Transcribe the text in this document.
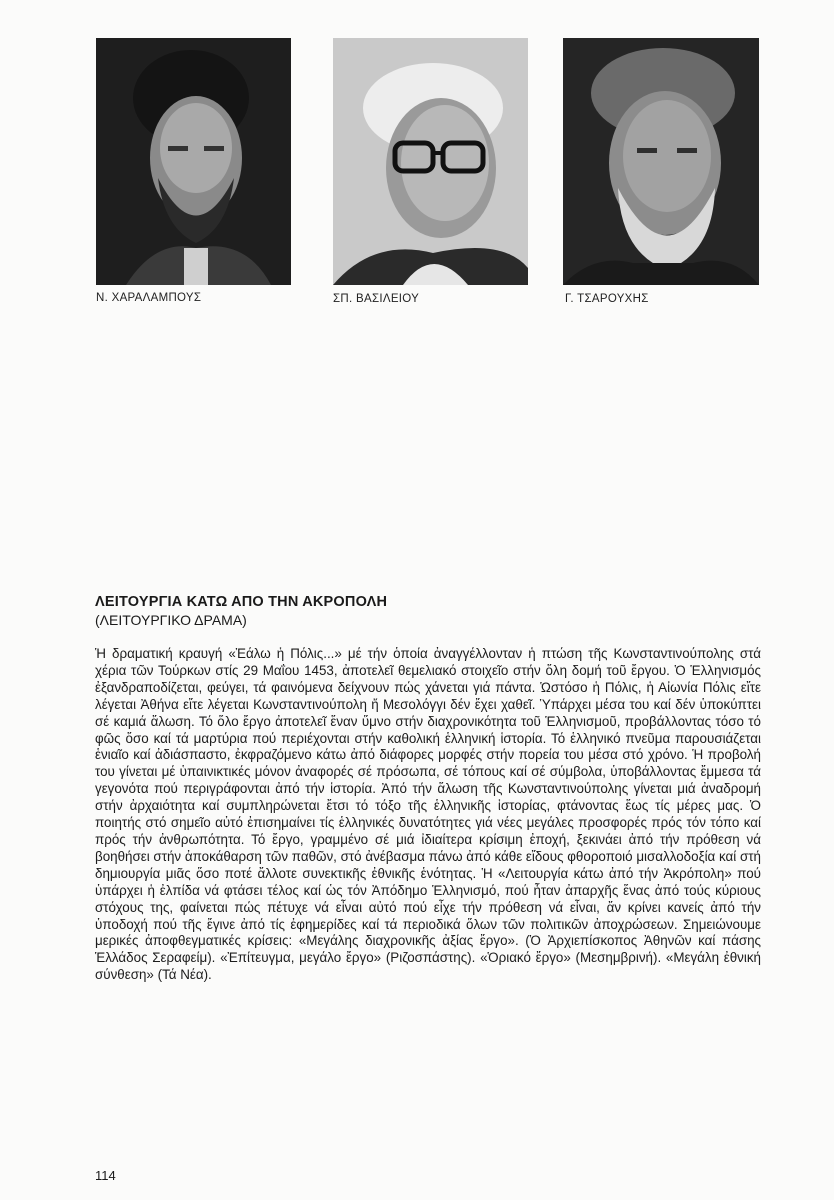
Ν. ΧΑΡΑΛΑΜΠΟΥΣ	ΣΠ. ΒΑΣΙΛΕΙΟΥ	Γ. ΤΣΑΡΟΥΧΗΣ
ΛΕΙΤΟΥΡΓΙΑ ΚΑΤΩ ΑΠΟ ΤΗΝ ΑΚΡΟΠΟΛΗ
(ΛΕΙΤΟΥΡΓΙΚΟ ΔΡΑΜΑ)

Ἡ δραματική κραυγή «Ἑάλω ἡ Πόλις...» μέ τήν ὁποία ἀναγγέλλονταν ἡ πτώση τῆς Κωνσταντινούπολης στά χέρια τῶν Τούρκων στίς 29 Μαΐου 1453, ἀποτελεῖ θεμελιακό στοιχεῖο στήν ὅλη δομή τοῦ ἔργου. Ὁ Ἑλληνισμός ἐξανδραποδίζεται, φεύγει, τά φαινόμενα δείχνουν πώς χάνεται γιά πάντα. Ὡστόσο ἡ Πόλις, ἡ Αἰωνία Πόλις εἴτε λέγεται Ἀθήνα εἴτε λέγεται Κωνσταντινούπολη ἤ Μεσολόγγι δέν ἔχει χαθεῖ. Ὑπάρχει μέσα του καί δέν ὑποκύπτει σέ καμιά ἅλωση. Τό ὅλο ἔργο ἀποτελεῖ ἕναν ὕμνο στήν διαχρονικότητα τοῦ Ἑλληνισμοῦ, προβάλλοντας τόσο τό φῶς ὅσο καί τά μαρτύρια πού περιέχονται στήν καθολική ἑλληνική ἱστορία. Τό ἑλληνικό πνεῦμα παρουσιάζεται ἑνιαῖο καί ἀδιάσπαστο, ἐκφραζόμενο κάτω ἀπό διάφορες μορφές στήν πορεία του μέσα στό χρόνο. Ἡ προβολή του γίνεται μέ ὑπαινικτικές μόνον ἀναφορές σέ πρόσωπα, σέ τόπους καί σέ σύμβολα, ὑποβάλλοντας ἔμμεσα τά γεγονότα πού περιγράφονται ἀπό τήν ἱστορία. Ἀπό τήν ἅλωση τῆς Κωνσταντινούπολης γίνεται μιά ἀναδρομή στήν ἀρχαιότητα καί συμπληρώνεται ἔτσι τό τόξο τῆς ἑλληνικῆς ἱστορίας, φτάνοντας ἕως τίς μέρες μας. Ὁ ποιητής στό σημεῖο αὐτό ἐπισημαίνει τίς ἑλληνικές δυνατότητες γιά νέες μεγάλες προσφορές πρός τόν τόπο καί πρός τήν ἀνθρωπότητα. Τό ἔργο, γραμμένο σέ μιά ἰδιαίτερα κρίσιμη ἐποχή, ξεκινάει ἀπό τήν πρόθεση νά βοηθήσει στήν ἀποκάθαρση τῶν παθῶν, στό ἀνέβασμα πάνω ἀπό κάθε εἴδους φθοροποιό μισαλλοδοξία καί στή δημιουργία μιᾶς ὅσο ποτέ ἄλλοτε συνεκτικῆς ἐθνικῆς ἑνότητας. Ἡ «Λειτουργία κάτω ἀπό τήν Ἀκρόπολη» πού ὑπάρχει ἡ ἐλπίδα νά φτάσει τέλος καί ὡς τόν Ἀπόδημο Ἑλληνισμό, πού ἦταν ἀπαρχῆς ἕνας ἀπό τούς κύριους στόχους της, φαίνεται πώς πέτυχε νά εἶναι αὐτό πού εἶχε τήν πρόθεση νά εἶναι, ἄν κρίνει κανείς ἀπό τήν ὑποδοχή πού τῆς ἔγινε ἀπό τίς ἐφημερίδες καί τά περιοδικά ὅλων τῶν πολιτικῶν ἀποχρώσεων. Σημειώνουμε μερικές ἀποφθεγματικές κρίσεις: «Μεγάλης διαχρονικῆς ἀξίας ἔργο». (Ὁ Ἀρχιεπίσκοπος Ἀθηνῶν καί πάσης Ἑλλάδος Σεραφείμ). «Ἐπίτευγμα, μεγάλο ἔργο» (Ριζοσπάστης). «Ὁριακό ἔργο» (Μεσημβρινή). «Μεγάλη ἐθνική σύνθεση» (Τά Νέα).

114
